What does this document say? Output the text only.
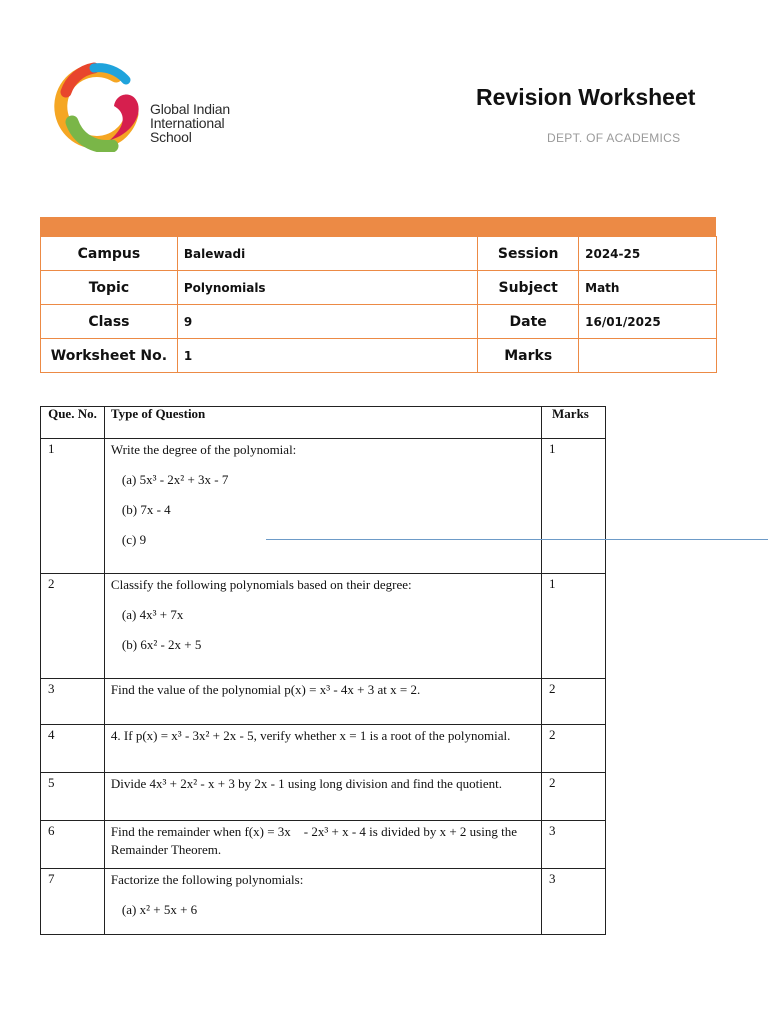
Global Indian
International
School
Revision Worksheet
DEPT. OF ACADEMICS
Campus	Balewadi	Session	2024-25
Topic	Polynomials	Subject	Math
Class	9	Date	16/01/2025
Worksheet No.	1	Marks	
Que. No.	Type of Question	Marks
1	Write the degree of the polynomial:
(a) 5x³ - 2x² + 3x - 7
(b) 7x - 4
(c) 9	1
2	Classify the following polynomials based on their degree:
(a) 4x³ + 7x
(b) 6x² - 2x + 5	1
3	Find the value of the polynomial p(x) = x³ - 4x + 3 at x = 2.	2
4	4. If p(x) = x³ - 3x² + 2x - 5, verify whether x = 1 is a root of the polynomial.	2
5	Divide 4x³ + 2x² - x + 3 by 2x - 1 using long division and find the quotient.	2
6	Find the remainder when f(x) = 3x    - 2x³ + x - 4 is divided by x + 2 using the Remainder Theorem.	3
7	Factorize the following polynomials:
(a) x² + 5x + 6	3
